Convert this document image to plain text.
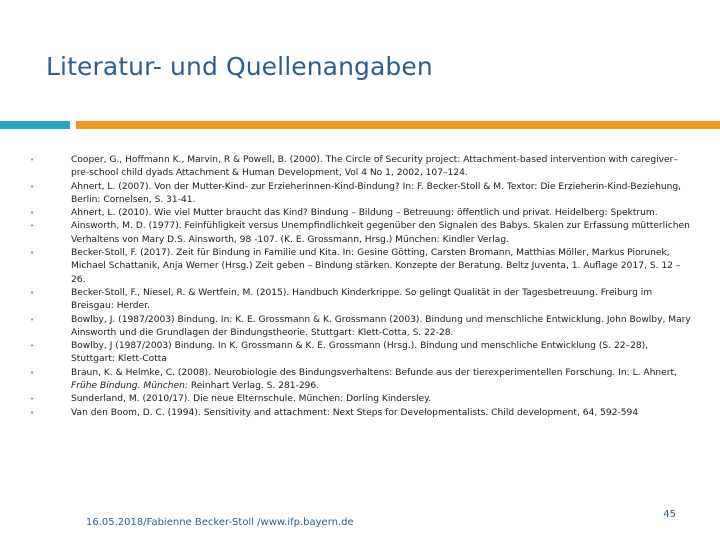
Literatur- und Quellenangaben
•	Cooper, G., Hoffmann K., Marvin, R & Powell, B. (2000). The Circle of Security project: Attachment-based intervention with caregiver–pre-school child dyads Attachment & Human Development, Vol 4 No 1, 2002, 107–124.
•	Ahnert, L. (2007). Von der Mutter-Kind- zur Erzieherinnen-Kind-Bindung? In: F. Becker-Stoll & M. Textor: Die Erzieherin-Kind-Beziehung, Berlin: Cornelsen, S. 31-41.
•	Ahnert, L. (2010). Wie viel Mutter braucht das Kind? Bindung – Bildung – Betreuung: öffentlich und privat. Heidelberg: Spektrum.
•	Ainsworth, M. D. (1977). Feinfühligkeit versus Unempfindlichkeit gegenüber den Signalen des Babys. Skalen zur Erfassung mütterlichen Verhaltens von Mary D.S. Ainsworth, 98 -107. (K. E. Grossmann, Hrsg.) München: Kindler Verlag.
•	Becker-Stoll, F. (2017). Zeit für Bindung in Familie und Kita. In: Gesine Götting, Carsten Bromann, Matthias Möller, Markus Piorunek, Michael Schattanik, Anja Werner (Hrsg.) Zeit geben – Bindung stärken. Konzepte der Beratung. Beltz Juventa, 1. Auflage 2017, S. 12 – 26.
•	Becker-Stoll, F., Niesel, R. & Wertfein, M. (2015). Handbuch Kinderkrippe. So gelingt Qualität in der Tagesbetreuung. Freiburg im Breisgau: Herder.
•	Bowlby, J. (1987/2003) Bindung. In: K. E. Grossmann & K. Grossmann (2003). Bindung und menschliche Entwicklung. John Bowlby, Mary Ainsworth und die Grundlagen der Bindungstheorie. Stuttgart: Klett-Cotta, S. 22-28.
•	Bowlby, J (1987/2003) Bindung. In K. Grossmann & K. E. Grossmann (Hrsg.). Bindung und menschliche Entwicklung (S. 22–28), Stuttgart: Klett-Cotta
•	Braun, K. & Helmke, C. (2008). Neurobiologie des Bindungsverhaltens: Befunde aus der tierexperimentellen Forschung. In: L. Ahnert, Frühe Bindung. München: Reinhart Verlag. S. 281-296.
•	Sunderland, M. (2010/17). Die neue Elternschule. München: Dorling Kindersley.
•	Van den Boom, D. C. (1994). Sensitivity and attachment: Next Steps for Developmentalists. Child development, 64, 592-594
16.05.2018/Fabienne Becker-Stoll /www.ifp.bayern.de
45
